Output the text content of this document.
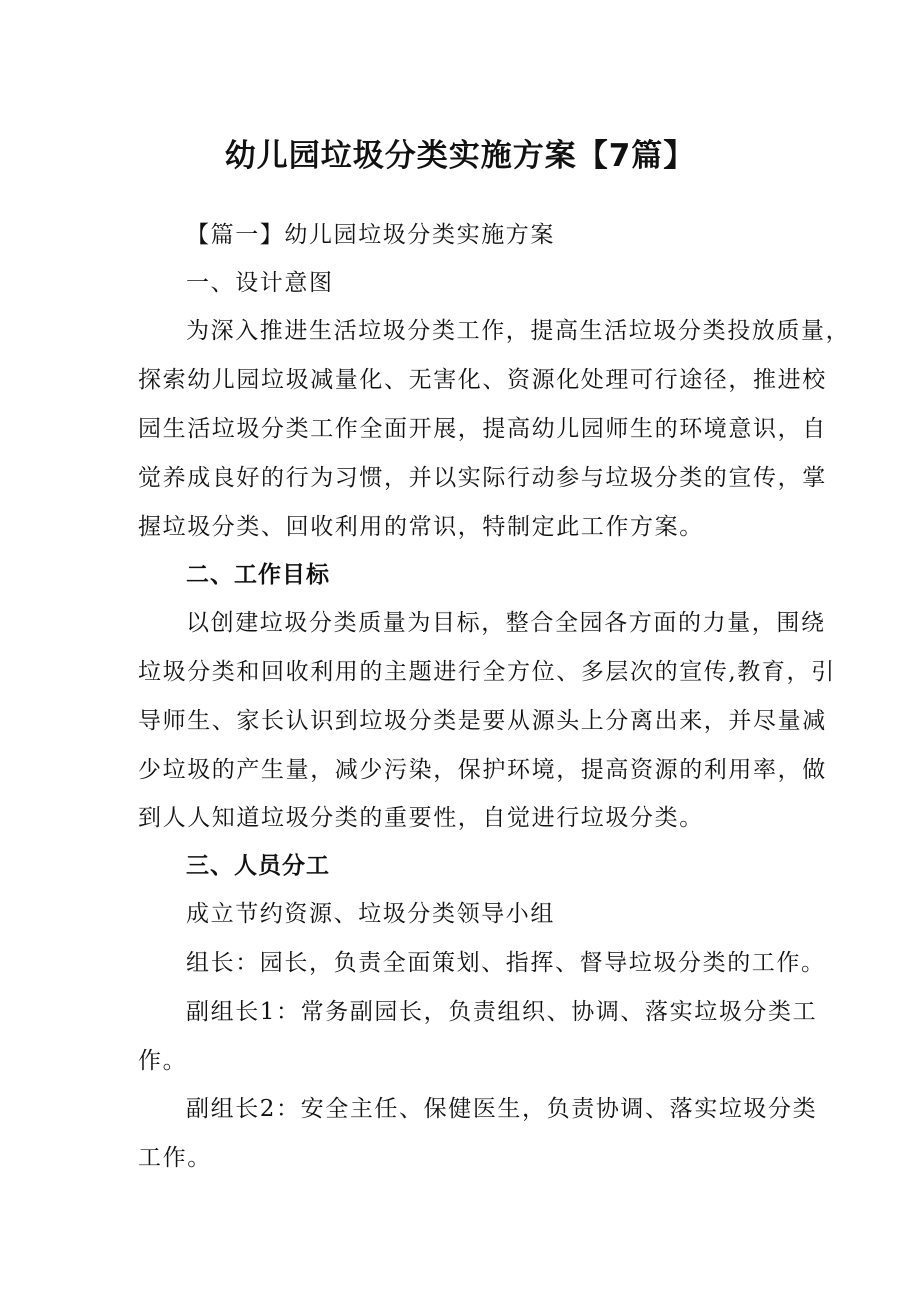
幼儿园垃圾分类实施方案【7篇】

【篇一】幼儿园垃圾分类实施方案

一、设计意图

为深入推进生活垃圾分类工作，提高生活垃圾分类投放质量，

探索幼儿园垃圾减量化、无害化、资源化处理可行途径，推进校

园生活垃圾分类工作全面开展，提高幼儿园师生的环境意识，自

觉养成良好的行为习惯，并以实际行动参与垃圾分类的宣传，掌

握垃圾分类、回收利用的常识，特制定此工作方案。

二、工作目标

以创建垃圾分类质量为目标，整合全园各方面的力量，围绕

垃圾分类和回收利用的主题进行全方位、多层次的宣传,教育，引

导师生、家长认识到垃圾分类是要从源头上分离出来，并尽量减

少垃圾的产生量，减少污染，保护环境，提高资源的利用率，做

到人人知道垃圾分类的重要性，自觉进行垃圾分类。

三、人员分工

成立节约资源、垃圾分类领导小组

组长：园长，负责全面策划、指挥、督导垃圾分类的工作。

副组长1：常务副园长，负责组织、协调、落实垃圾分类工

作。

副组长2：安全主任、保健医生，负责协调、落实垃圾分类

工作。
